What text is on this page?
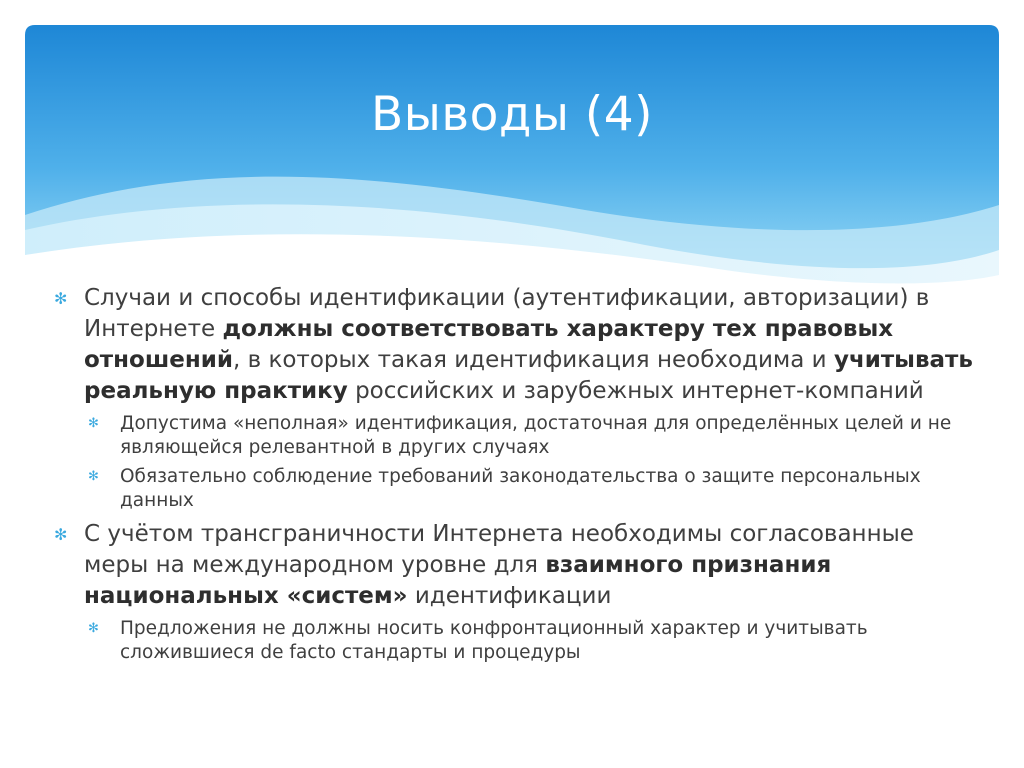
Выводы (4)

✻ Случаи и способы идентификации (аутентификации, авторизации) в Интернете должны соответствовать характеру тех правовых отношений, в которых такая идентификация необходима и учитывать реальную практику российских и зарубежных интернет-компаний

✻ Допустима «неполная» идентификация, достаточная для определённых целей и не являющейся релевантной в других случаях

✻ Обязательно соблюдение требований законодательства о защите персональных данных

✻ С учётом трансграничности Интернета необходимы согласованные меры на международном уровне для взаимного признания национальных «систем» идентификации

✻ Предложения не должны носить конфронтационный характер и учитывать сложившиеся de facto стандарты и процедуры
